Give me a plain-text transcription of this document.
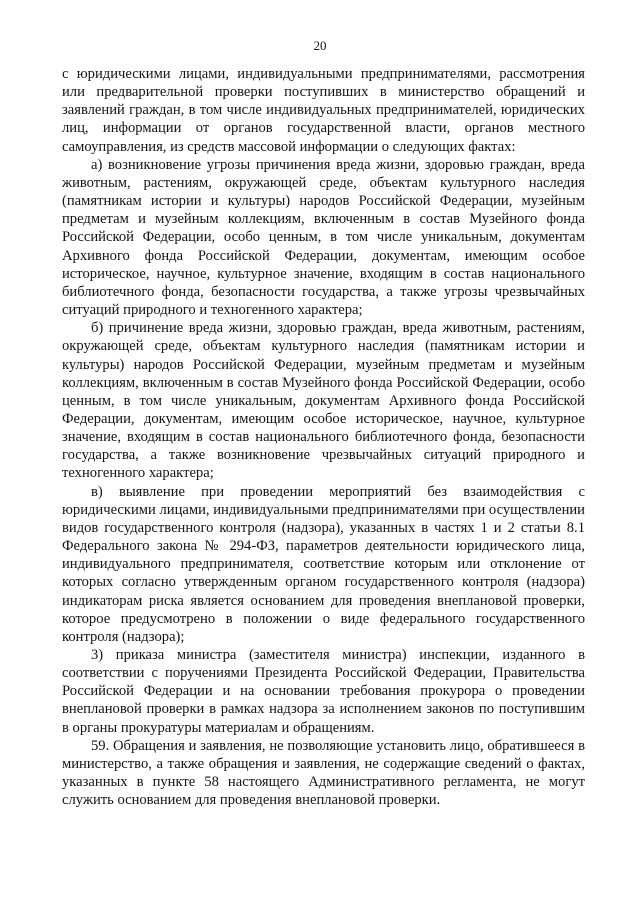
20

с юридическими лицами, индивидуальными предпринимателями, рассмотрения или предварительной проверки поступивших в министерство обращений и заявлений граждан, в том числе индивидуальных предпринимателей, юридических лиц, информации от органов государственной власти, органов местного самоуправления, из средств массовой информации о следующих фактах:

а) возникновение угрозы причинения вреда жизни, здоровью граждан, вреда животным, растениям, окружающей среде, объектам культурного наследия (памятникам истории и культуры) народов Российской Федерации, музейным предметам и музейным коллекциям, включенным в состав Музейного фонда Российской Федерации, особо ценным, в том числе уникальным, документам Архивного фонда Российской Федерации, документам, имеющим особое историческое, научное, культурное значение, входящим в состав национального библиотечного фонда, безопасности государства, а также угрозы чрезвычайных ситуаций природного и техногенного характера;

б) причинение вреда жизни, здоровью граждан, вреда животным, растениям, окружающей среде, объектам культурного наследия (памятникам истории и культуры) народов Российской Федерации, музейным предметам и музейным коллекциям, включенным в состав Музейного фонда Российской Федерации, особо ценным, в том числе уникальным, документам Архивного фонда Российской Федерации, документам, имеющим особое историческое, научное, культурное значение, входящим в состав национального библиотечного фонда, безопасности государства, а также возникновение чрезвычайных ситуаций природного и техногенного характера;

в) выявление при проведении мероприятий без взаимодействия с юридическими лицами, индивидуальными предпринимателями при осуществлении видов государственного контроля (надзора), указанных в частях 1 и 2 статьи 8.1 Федерального закона № 294-ФЗ, параметров деятельности юридического лица, индивидуального предпринимателя, соответствие которым или отклонение от которых согласно утвержденным органом государственного контроля (надзора) индикаторам риска является основанием для проведения внеплановой проверки, которое предусмотрено в положении о виде федерального государственного контроля (надзора);

3) приказа министра (заместителя министра) инспекции, изданного в соответствии с поручениями Президента Российской Федерации, Правительства Российской Федерации и на основании требования прокурора о проведении внеплановой проверки в рамках надзора за исполнением законов по поступившим в органы прокуратуры материалам и обращениям.

59. Обращения и заявления, не позволяющие установить лицо, обратившееся в министерство, а также обращения и заявления, не содержащие сведений о фактах, указанных в пункте 58 настоящего Административного регламента, не могут служить основанием для проведения внеплановой проверки.
